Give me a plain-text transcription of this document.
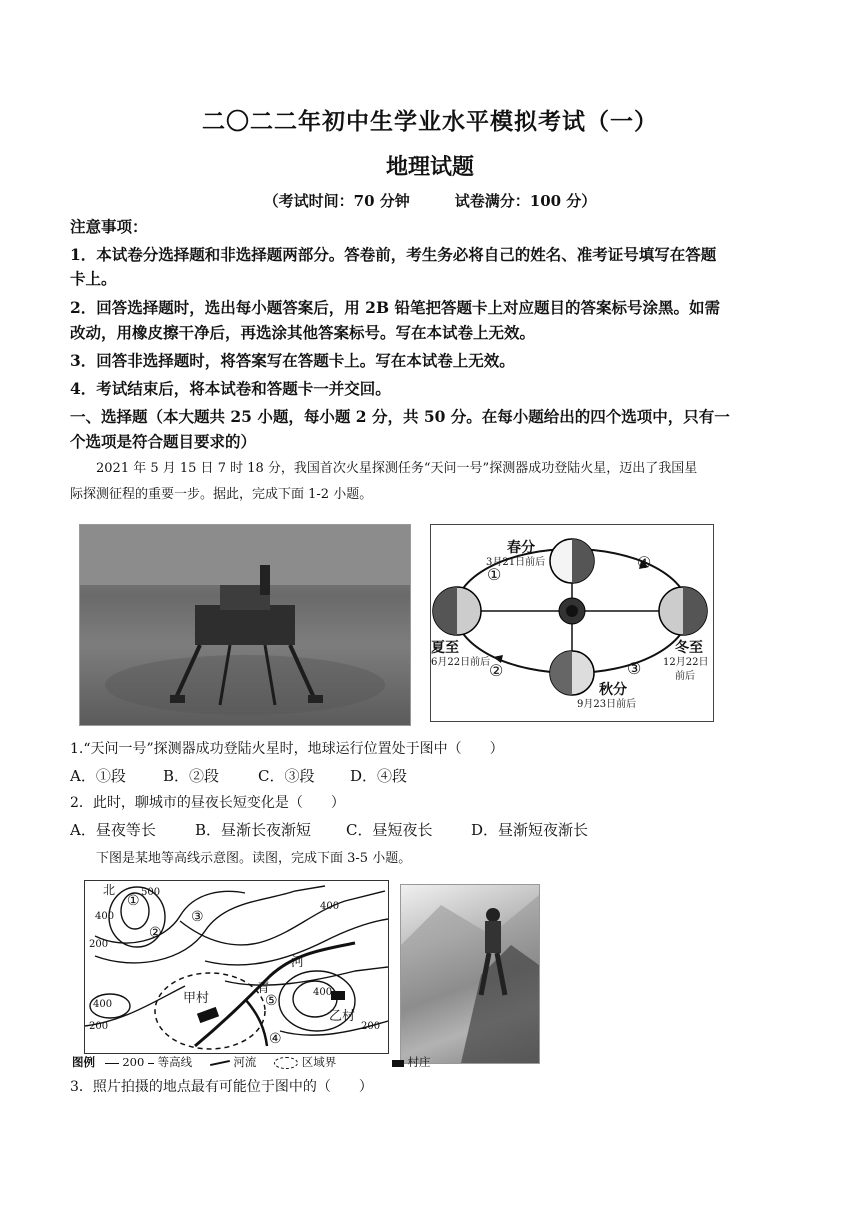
二〇二二年初中生学业水平模拟考试（一）
地理试题
（考试时间：70 分钟　　　试卷满分：100 分）
注意事项：
1．本试卷分选择题和非选择题两部分。答卷前，考生务必将自己的姓名、准考证号填写在答题
卡上。
2．回答选择题时，选出每小题答案后，用 2B 铅笔把答题卡上对应题目的答案标号涂黑。如需
改动，用橡皮擦干净后，再选涂其他答案标号。写在本试卷上无效。
3．回答非选择题时，将答案写在答题卡上。写在本试卷上无效。
4．考试结束后，将本试卷和答题卡一并交回。
一、选择题（本大题共 25 小题，每小题 2 分，共 50 分。在每小题给出的四个选项中，只有一
个选项是符合题目要求的）
　　2021 年 5 月 15 日 7 时 18 分，我国首次火星探测任务“天问一号”探测器成功登陆火星，迈出了我国星
际探测征程的重要一步。据此，完成下面 1-2 小题。
春分
3月21日前后
夏至
6月22日前后
秋分
9月23日前后
冬至
12月22日
前后
①
②	③
④
1.“天问一号”探测器成功登陆火星时，地球运行位置处于图中（　　）
A．①段 B．②段	C．③段 D．④段
2．此时，聊城市的昼夜长短变化是（　　）
A．昼夜等长	B．昼渐长夜渐短 C．昼短夜长	D．昼渐短夜渐长
　　下图是某地等高线示意图。读图，完成下面 3-5 小题。
北	500
400
400
200
400
200	200
400
①
②
③
④
⑤
河
青
甲村
乙村
图例 200 等高线	河流	区域界	村庄
3．照片拍摄的地点最有可能位于图中的（　　）
